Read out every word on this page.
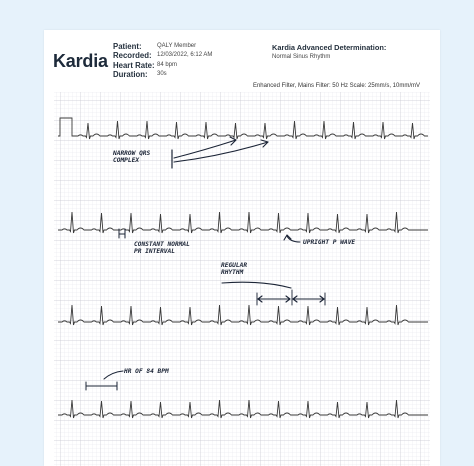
Kardia
Patient:	QALY Member
Recorded: 12/03/2022, 6:12 AM
Heart Rate: 84 bpm
Duration:	30s
Kardia Advanced Determination:
Normal Sinus Rhythm
Enhanced Filter, Mains Filter: 50 Hz Scale: 25mm/s, 10mm/mV
NARROW QRS
COMPLEX
CONSTANT NORMAL
PR INTERVAL
UPRIGHT P WAVE
REGULAR
RHYTHM
HR OF 84 BPM
